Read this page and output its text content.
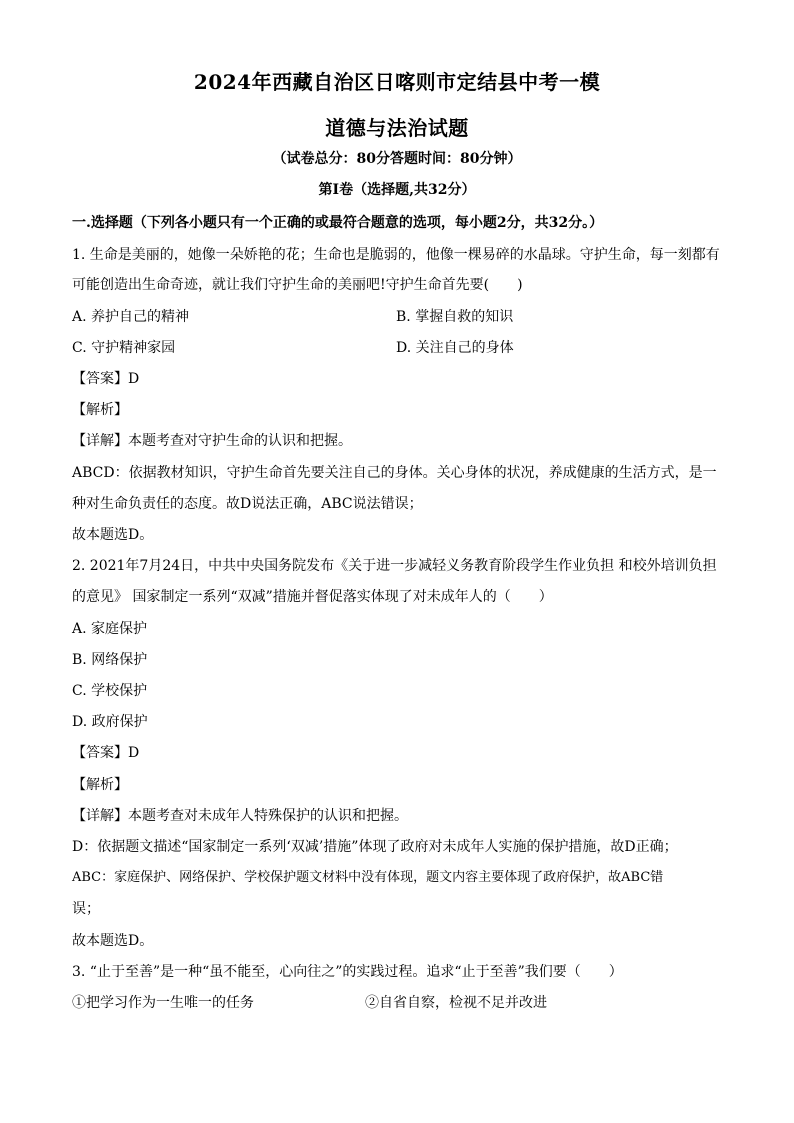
2024年西藏自治区日喀则市定结县中考一模
道德与法治试题
（试卷总分：80分答题时间：80分钟）
第Ⅰ卷（选择题,共32分）
一.选择题（下列各小题只有一个正确的或最符合题意的选项，每小题2分，共32分。）
1. 生命是美丽的，她像一朵娇艳的花；生命也是脆弱的，他像一棵易碎的水晶球。守护生命，每一刻都有
可能创造出生命奇迹，就让我们守护生命的美丽吧!守护生命首先要(　　)
A. 养护自己的精神	B. 掌握自救的知识
C. 守护精神家园	D. 关注自己的身体
【答案】D
【解析】
【详解】本题考查对守护生命的认识和把握。
ABCD：依据教材知识，守护生命首先要关注自己的身体。关心身体的状况，养成健康的生活方式，是一
种对生命负责任的态度。故D说法正确，ABC说法错误；
故本题选D。
2. 2021年7月24日，中共中央国务院发布《关于进一步减轻义务教育阶段学生作业负担 和校外培训负担
的意见》 国家制定一系列“双减”措施并督促落实体现了对未成年人的（　　）
A. 家庭保护
B. 网络保护
C. 学校保护
D. 政府保护
【答案】D
【解析】
【详解】本题考查对未成年人特殊保护的认识和把握。
D：依据题文描述“国家制定一系列‘双减’措施”体现了政府对未成年人实施的保护措施，故D正确；
ABC：家庭保护、网络保护、学校保护题文材料中没有体现，题文内容主要体现了政府保护，故ABC错
误；
故本题选D。
3. “止于至善”是一种“虽不能至，心向往之”的实践过程。追求“止于至善”我们要（　　）
①把学习作为一生唯一的任务	②自省自察，检视不足并改进
